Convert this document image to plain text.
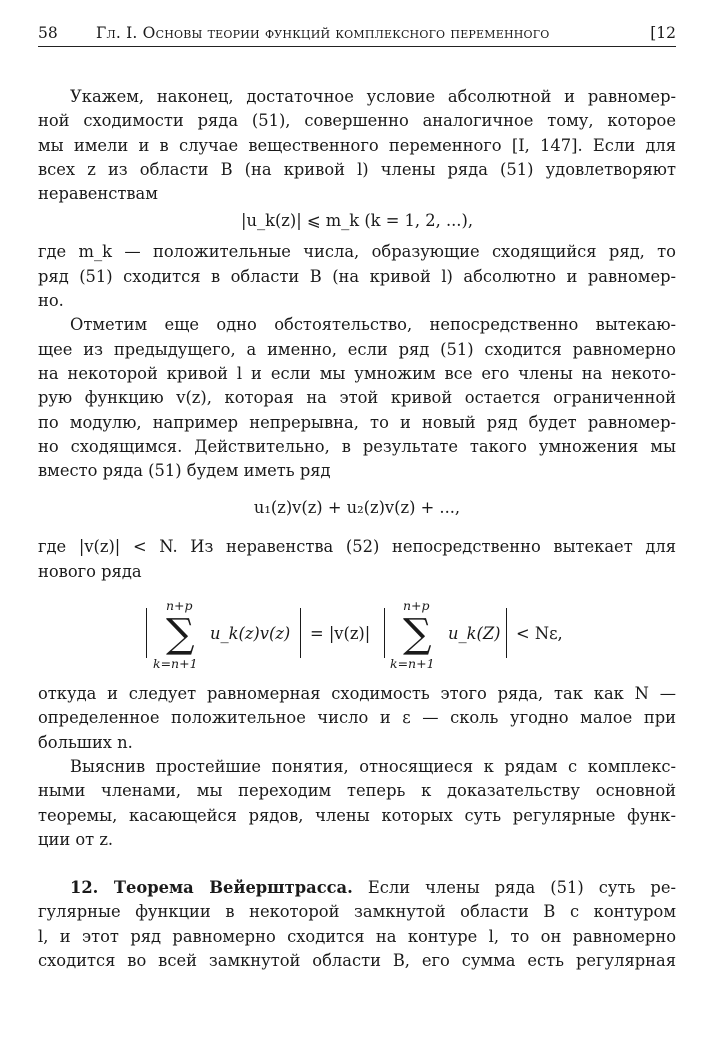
58 Гл. I. Основы теории функций комплексного переменного	[12
Укажем, наконец, достаточное условие абсолютной и равномер-
ной сходимости ряда (51), совершенно аналогичное тому, которое
мы имели и в случае вещественного переменного [I, 147]. Если для
всех z из области B (на кривой l) члены ряда (51) удовлетворяют
неравенствам
|u_k(z)| ⩽ m_k (k = 1, 2, ...),
где m_k — положительные числа, образующие сходящийся ряд, то
ряд (51) сходится в области B (на кривой l) абсолютно и равномер-
но.
Отметим еще одно обстоятельство, непосредственно вытекаю-
щее из предыдущего, а именно, если ряд (51) сходится равномерно
на некоторой кривой l и если мы умножим все его члены на некото-
рую функцию v(z), которая на этой кривой остается ограниченной
по модулю, например непрерывна, то и новый ряд будет равномер-
но сходящимся. Действительно, в результате такого умножения мы
вместо ряда (51) будем иметь ряд
u₁(z)v(z) + u₂(z)v(z) + ...,
где |v(z)| < N. Из неравенства (52) непосредственно вытекает для
нового ряда
n+p
∑
k=n+1
u_k(z)v(z) = |v(z)|
n+p
∑
k=n+1
u_k(Z) < Nε,
откуда и следует равномерная сходимость этого ряда, так как N —
определенное положительное число и ε — сколь угодно малое при
больших n.
Выяснив простейшие понятия, относящиеся к рядам с комплекс-
ными членами, мы переходим теперь к доказательству основной
теоремы, касающейся рядов, члены которых суть регулярные функ-
ции от z.
12. Теорема Вейерштрасса. Если члены ряда (51) суть ре-
гулярные функции в некоторой замкнутой области B с контуром
l, и этот ряд равномерно сходится на контуре l, то он равномерно
сходится во всей замкнутой области B, его сумма есть регулярная
